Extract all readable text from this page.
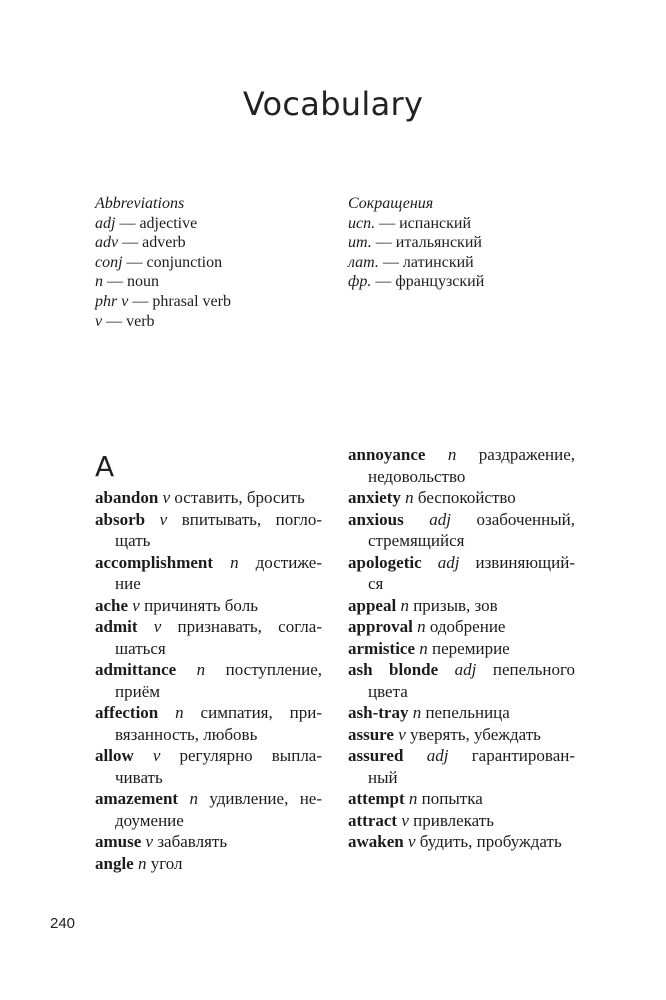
Vocabulary
Abbreviations
adj — adjective
adv — adverb
conj — conjunction
n — noun
phr v — phrasal verb
v — verb
Сокращения
исп. — испанский
ит. — итальянский
лат. — латинский
фр. — французский
A
abandon v оставить, бросить
absorb v впитывать, погло-
щать
accomplishment n достиже-
ние
ache v причинять боль
admit v признавать, согла-
шаться
admittance n поступление,
приём
affection n симпатия, при-
вязанность, любовь
allow v регулярно выпла-
чивать
amazement n удивление, не-
доумение
amuse v забавлять
angle n угол
annoyance n раздражение,
недовольство
anxiety n беспокойство
anxious adj озабоченный,
стремящийся
apologetic adj извиняющий-
ся
appeal n призыв, зов
approval n одобрение
armistice n перемирие
ash blonde adj пепельного
цвета
ash-tray n пепельница
assure v уверять, убеждать
assured adj гарантирован-
ный
attempt n попытка
attract v привлекать
awaken v будить, пробуждать
240
